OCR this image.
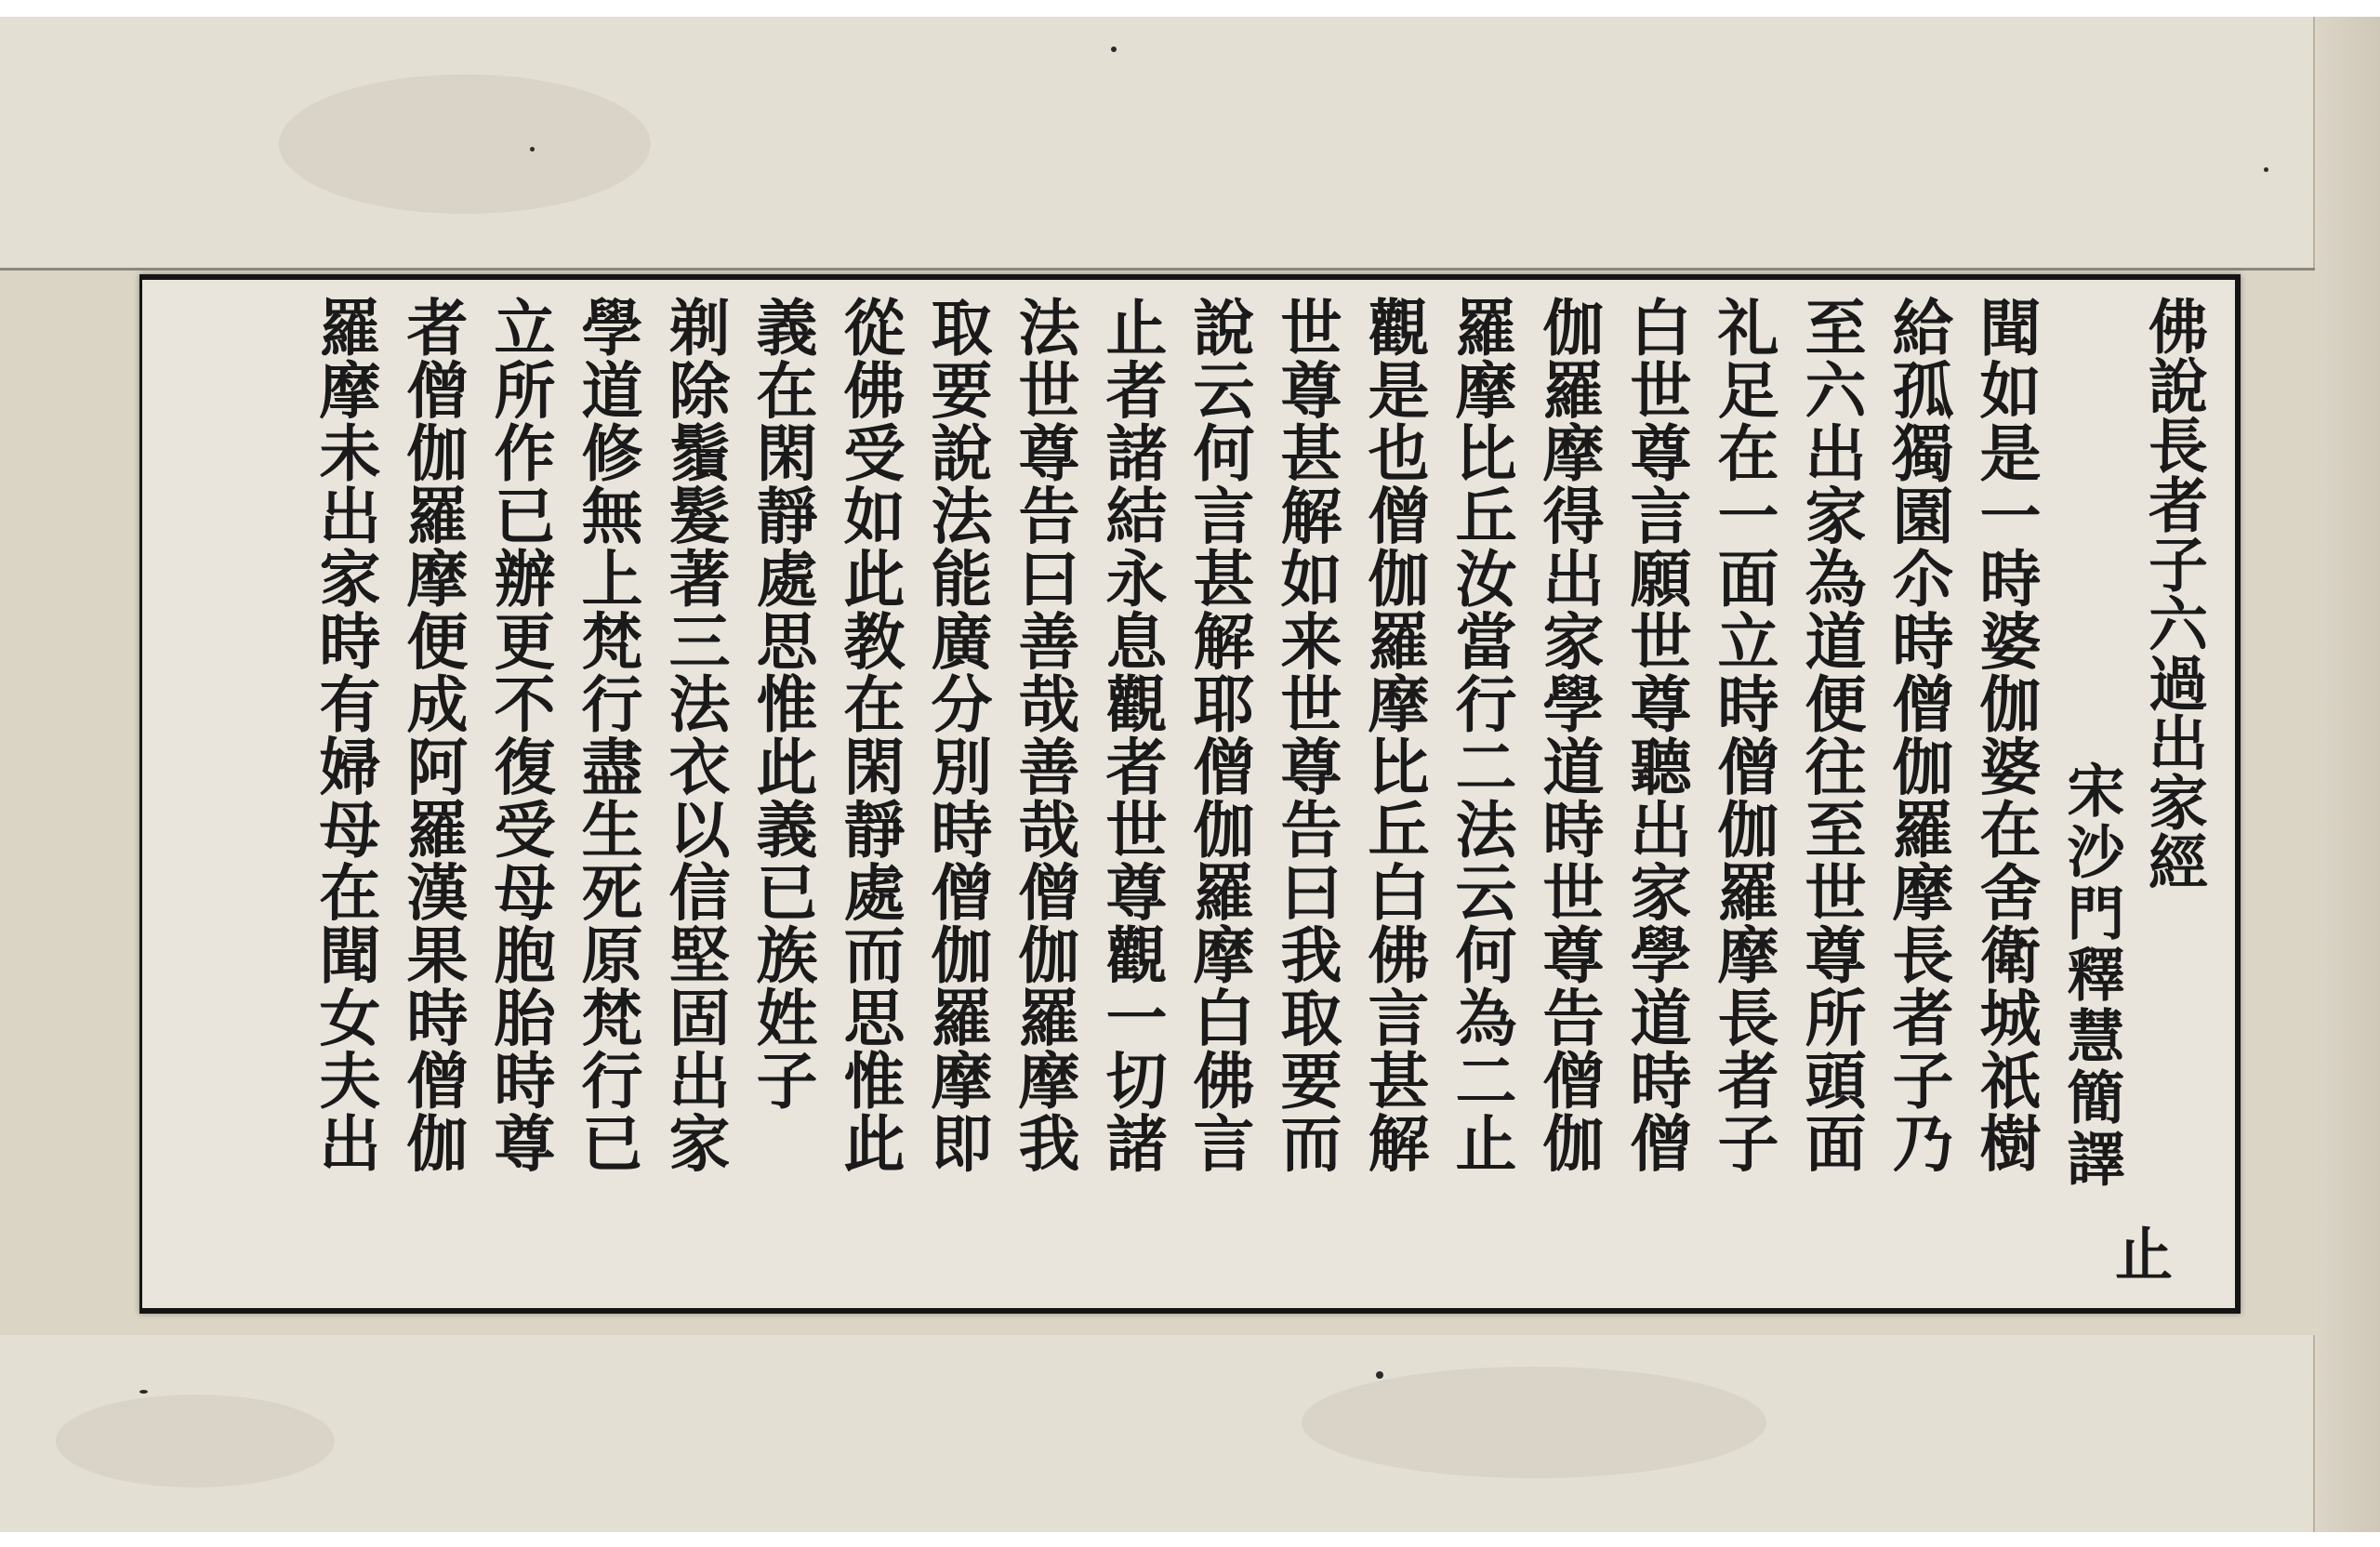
佛說長者子六過出家經
宋沙門釋慧簡譯
聞如是一時婆伽婆在舍衛城祇樹
給孤獨園尒時僧伽羅摩長者子乃
至六出家為道便往至世尊所頭面
礼足在一面立時僧伽羅摩長者子
白世尊言願世尊聽出家學道時僧
伽羅摩得出家學道時世尊告僧伽
羅摩比丘汝當行二法云何為二止
觀是也僧伽羅摩比丘白佛言甚解
世尊甚解如来世尊告曰我取要而
說云何言甚解耶僧伽羅摩白佛言
止者諸結永息觀者世尊觀一切諸
法世尊告曰善哉善哉僧伽羅摩我
取要說法能廣分別時僧伽羅摩即
從佛受如此教在閑靜處而思惟此
義在閑靜處思惟此義已族姓子
剃除鬚髮著三法衣以信堅固出家
學道修無上梵行盡生死原梵行已
立所作已辦更不復受母胞胎時尊
者僧伽羅摩便成阿羅漢果時僧伽
羅摩未出家時有婦母在聞女夫出
止
